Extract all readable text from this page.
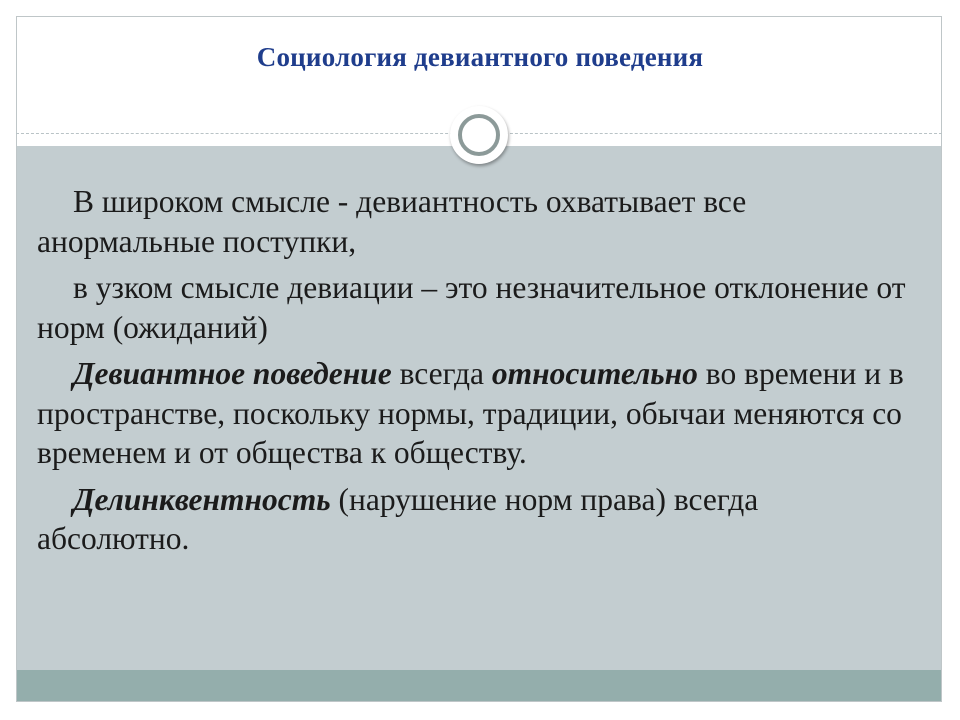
Социология девиантного поведения

В широком смысле - девиантность охватывает все анормальные поступки,

в узком смысле девиации – это незначительное отклонение от норм (ожиданий)

Девиантное поведение всегда относительно во времени и в пространстве, поскольку нормы, традиции, обычаи меняются со временем и от общества к обществу.

Делинквентность (нарушение норм права) всегда абсолютно.
